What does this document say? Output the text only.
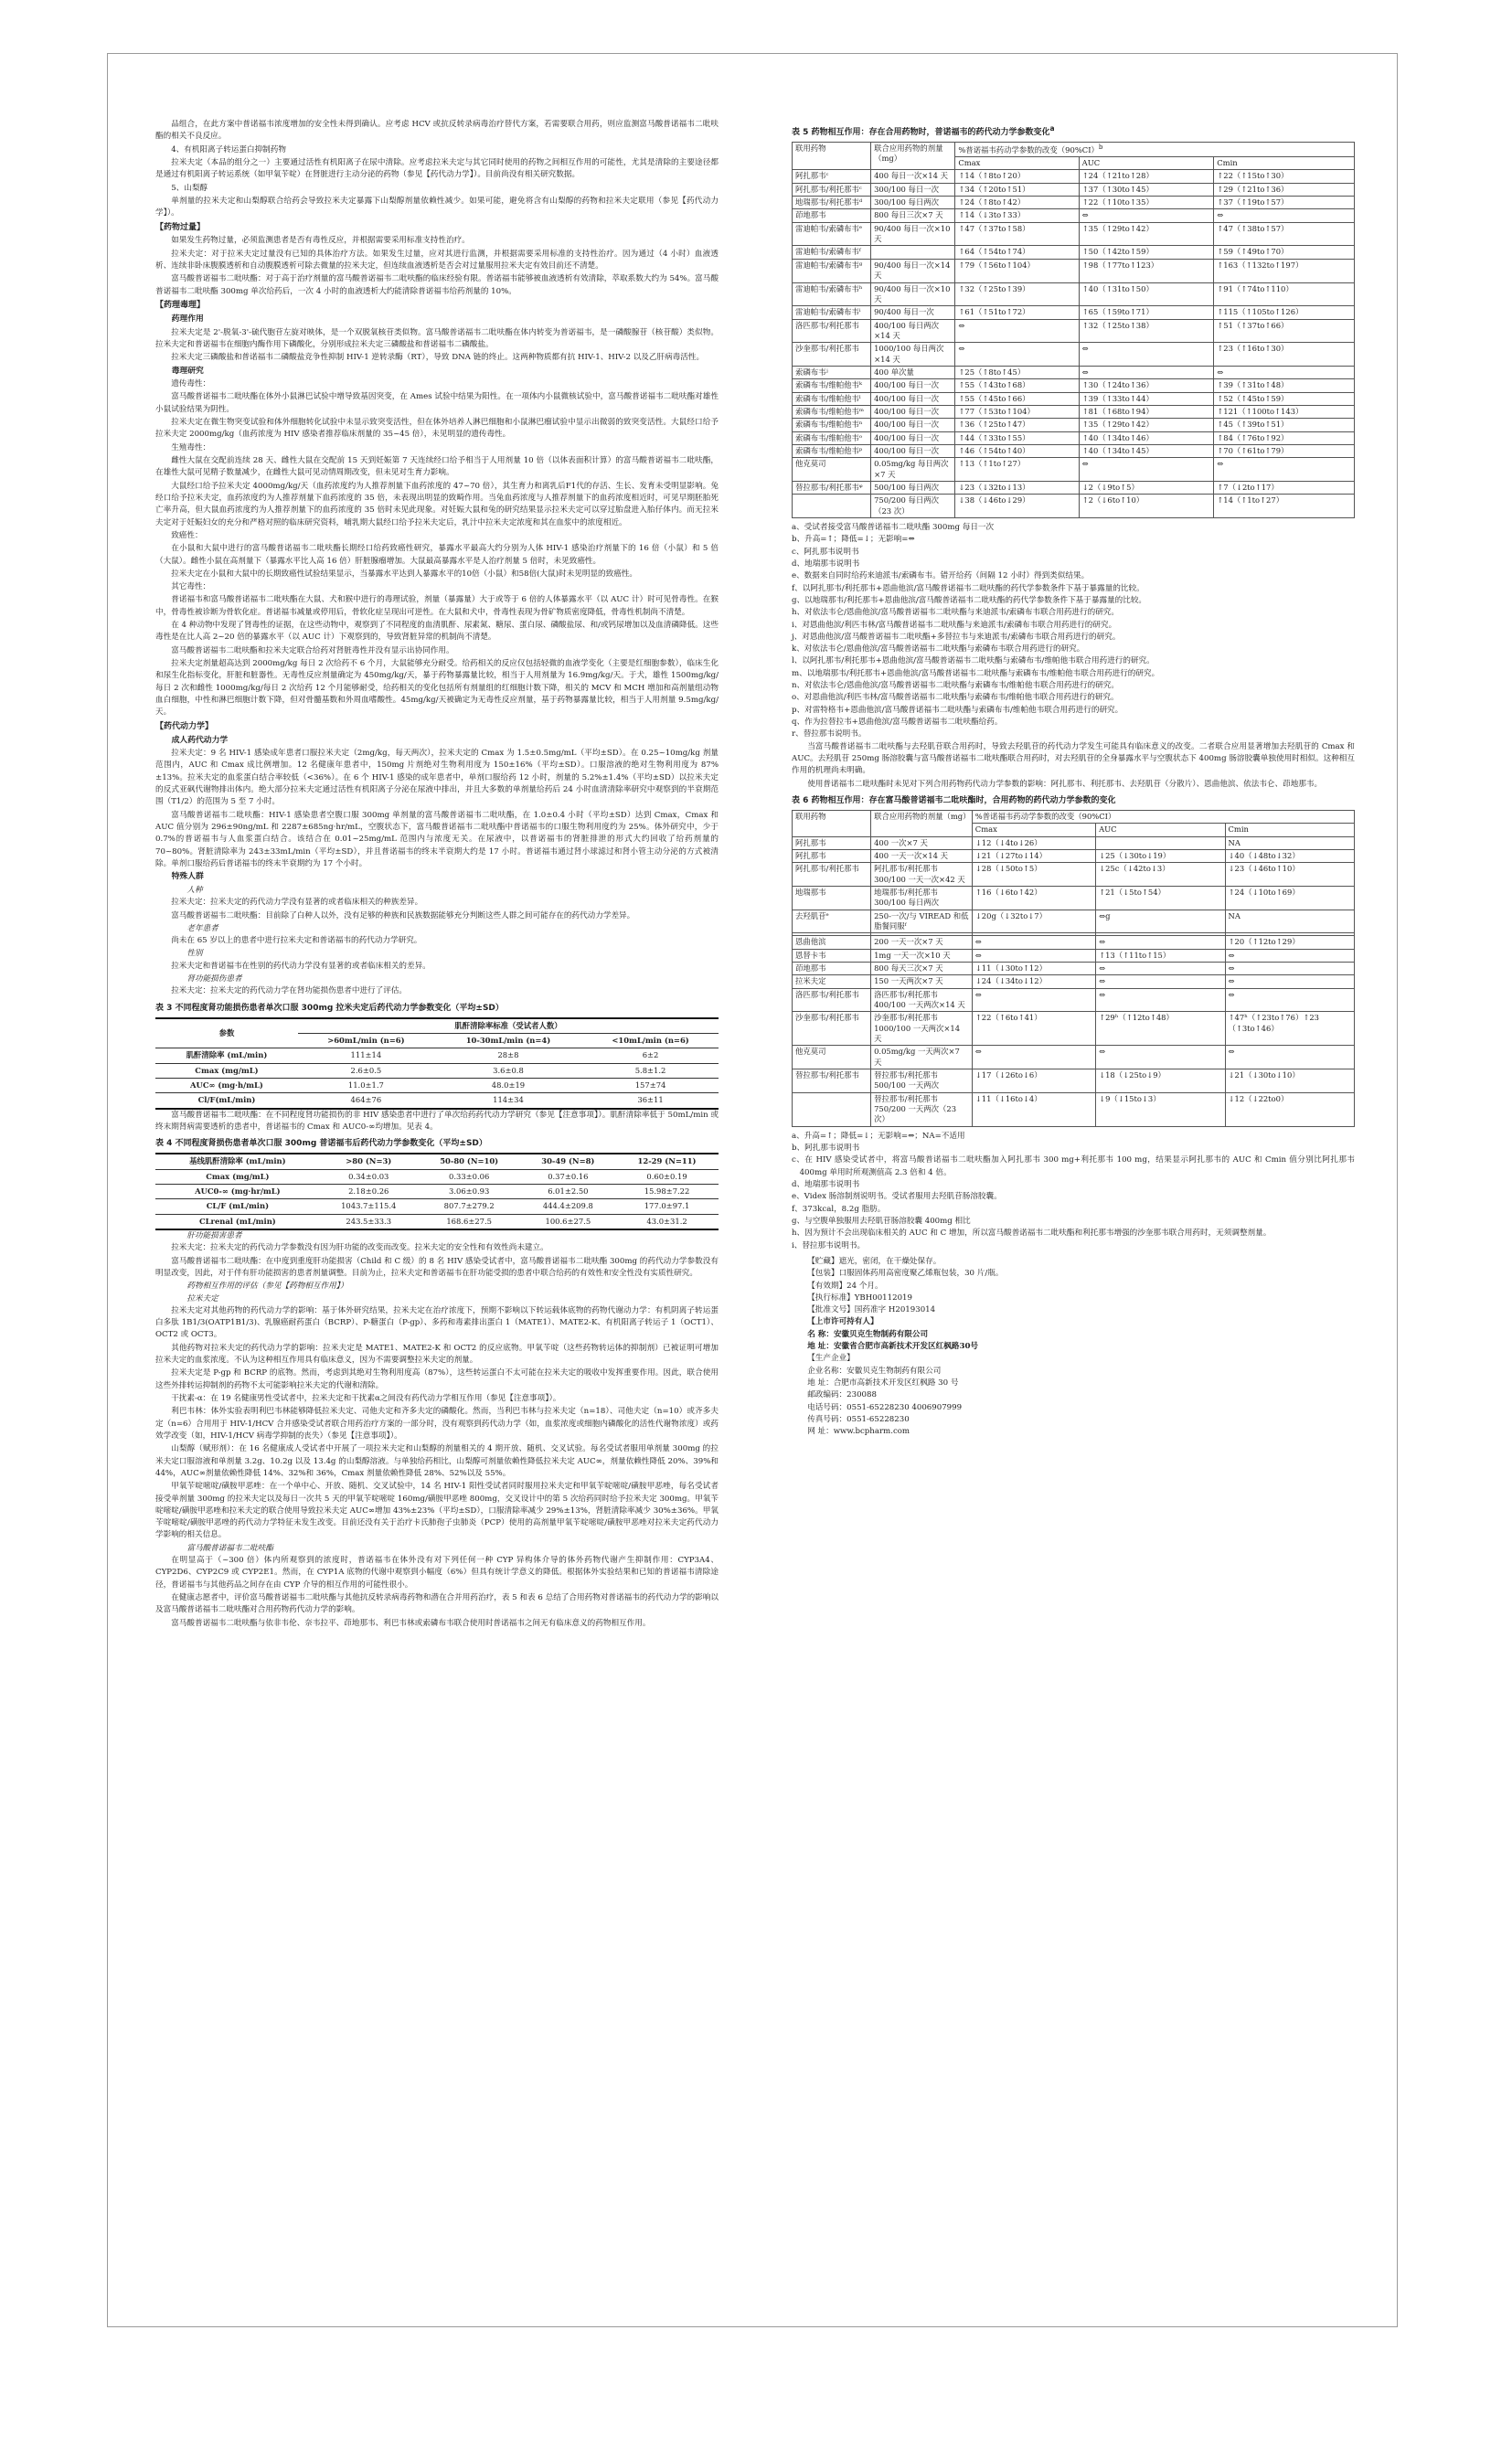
品组合，在此方案中普诺福韦浓度增加的安全性未得到确认。应考虑 HCV 或抗反转录病毒治疗替代方案，若需要联合用药，则应监测富马酸普诺福韦二吡呋酯的相关不良反应。

4、有机阳离子转运蛋白抑制药物

拉米夫定（本品的组分之一）主要通过活性有机阳离子在尿中清除。应考虑拉米夫定与其它同时使用的药物之间相互作用的可能性，尤其是清除的主要途径都是通过有机阳离子转运系统（如甲氧苄啶）在肾脏进行主动分泌的药物（参见【药代动力学】）。目前尚没有相关研究数据。

5、山梨醇

单剂量的拉米夫定和山梨醇联合给药会导致拉米夫定暴露下山梨醇剂量依赖性减少。如果可能，避免将含有山梨醇的药物和拉米夫定联用（参见【药代动力学】）。

【药物过量】

如果发生药物过量，必须监测患者是否有毒性反应，并根据需要采用标准支持性治疗。

拉米夫定：对于拉米夫定过量没有已知的具体治疗方法。如果发生过量，应对其进行监测，并根据需要采用标准的支持性治疗。因为通过（4 小时）血液透析、连续非卧床腹膜透析和自动腹膜透析可除去微量的拉米夫定，但连续血液透析是否会对过量服用拉米夫定有效目前还不清楚。

富马酸普诺福韦二吡呋酯：对于高于治疗剂量的富马酸普诺福韦二吡呋酯的临床经验有限。普诺福韦能够被血液透析有效清除，萃取系数大约为 54%。富马酸普诺福韦二吡呋酯 300mg 单次给药后，一次 4 小时的血液透析大约能清除普诺福韦给药剂量的 10%。

【药理毒理】
药理作用

拉米夫定是 2'-脱氧-3'-硫代胞苷左旋对映体，是一个双脱氧核苷类似物。富马酸普诺福韦二吡呋酯在体内转变为普诺福韦，是一磷酸腺苷（核苷酸）类似物。拉米夫定和普诺福韦在细胞内酶作用下磷酸化，分别形成拉米夫定三磷酸盐和普诺福韦二磷酸盐。

拉米夫定三磷酸盐和普诺福韦二磷酸盐竞争性抑制 HIV-1 逆转录酶（RT），导致 DNA 链的终止。这两种物质都有抗 HIV-1、HIV-2 以及乙肝病毒活性。

毒理研究

遗传毒性：

富马酸普诺福韦二吡呋酯在体外小鼠淋巴试验中增导致基因突变，在 Ames 试验中结果为阳性。在一项体内小鼠微核试验中，富马酸普诺福韦二吡呋酯对雄性小鼠试验结果为阴性。

拉米夫定在微生物突变试验和体外细胞转化试验中未显示致突变活性，但在体外培养人淋巴细胞和小鼠淋巴瘤试验中显示出微弱的致突变活性。大鼠经口给予拉米夫定 2000mg/kg（血药浓度为 HIV 感染者推荐临床剂量的 35~45 倍），未见明显的遗传毒性。

生殖毒性：

雌性大鼠在交配前连续 28 天、雌性大鼠在交配前 15 天到妊娠第 7 天连续经口给予相当于人用剂量 10 倍（以体表面积计算）的富马酸普诺福韦二吡呋酯，在雄性大鼠可见精子数量减少，在雌性大鼠可见动情周期改变，但未见对生育力影响。

大鼠经口给予拉米夫定 4000mg/kg/天（血药浓度约为人推荐剂量下血药浓度的 47~70 倍），其生育力和离乳后F1代的存活、生长、发育未受明显影响。兔经口给予拉米夫定，血药浓度约为人推荐剂量下血药浓度的 35 倍，未表现出明显的致畸作用。当兔血药浓度与人推荐剂量下的血药浓度相近时，可见早期胚胎死亡率升高，但大鼠血药浓度约为人推荐剂量下的血药浓度的 35 倍时未见此现象。对妊娠大鼠和兔的研究结果显示拉米夫定可以穿过胎盘进入胎仔体内。而无拉米夫定对于妊娠妇女的充分和严格对照的临床研究资料，哺乳期大鼠经口给予拉米夫定后，乳汁中拉米夫定浓度和其在血浆中的浓度相近。

致癌性：

在小鼠和大鼠中进行的富马酸普诺福韦二吡呋酯长期经口给药致癌性研究，暴露水平最高大约分别为人体 HIV-1 感染治疗剂量下的 16 倍（小鼠）和 5 倍（大鼠）。雌性小鼠在高剂量下（暴露水平比人高 16 倍）肝脏腺瘤增加。大鼠最高暴露水平是人治疗剂量 5 倍时，未见致癌性。

拉米夫定在小鼠和大鼠中的长期致癌性试验结果显示，当暴露水平达到人暴露水平的10倍（小鼠）和58倍(大鼠)时未见明显的致癌性。

其它毒性：

普诺福韦和富马酸普诺福韦二吡呋酯在大鼠、犬和猴中进行的毒理试验，剂量（暴露量）大于或等于 6 倍的人体暴露水平（以 AUC 计）时可见骨毒性。在猴中，骨毒性被诊断为骨软化症。普诺福韦减量或停用后，骨软化症呈现出可逆性。在大鼠和犬中，骨毒性表现为骨矿物质密度降低，骨毒性机制尚不清楚。

在 4 种动物中发现了肾毒性的证据，在这些动物中，观察到了不同程度的血清肌酐、尿素氮、糖尿、蛋白尿、磷酸盐尿、和/或钙尿增加以及血清磷降低。这些毒性是在比人高 2~20 倍的暴露水平（以 AUC 计）下观察到的，导致肾脏异常的机制尚不清楚。

富马酸普诺福韦二吡呋酯和拉米夫定联合给药对肾脏毒性并没有显示出协同作用。

拉米夫定剂量超高达到 2000mg/kg 每日 2 次给药不 6 个月，大鼠能够充分耐受。给药相关的反应仅包括轻微的血液学变化（主要是红细胞参数），临床生化和尿生化指标变化，肝脏和脏器性。无毒性反应剂量确定为 450mg/kg/天，暴于药物暴露量比较，相当于人用剂量为 16.9mg/kg/天。于犬，雄性 1500mg/kg/每日 2 次和雌性 1000mg/kg/每日 2 次给药 12 个月能够耐受，给药相关的变化包括所有剂量组的红细胞计数下降，相关的 MCV 和 MCH 增加和高剂量组动物血白细胞，中性和淋巴细胞计数下降，但对骨髓基数和外周血嗜酸性。45mg/kg/天被确定为无毒性反应剂量，基于药物暴露量比较，相当于人用剂量 9.5mg/kg/天。

【药代动力学】
成人药代动力学

拉米夫定：9 名 HIV-1 感染成年患者口服拉米夫定（2mg/kg，每天两次），拉米夫定的 Cmax 为 1.5±0.5mg/mL（平均±SD）。在 0.25~10mg/kg 剂量范围内，AUC 和 Cmax 成比例增加。12 名健康年患者中，150mg 片剂绝对生物利用度为 150±16%（平均±SD）。口服溶液的绝对生物利用度为 87%±13%。拉米夫定的血浆蛋白结合率较低（<36%）。在 6 个 HIV-1 感染的成年患者中，单剂口服给药 12 小时，剂量的 5.2%±1.4%（平均±SD）以拉米夫定的反式亚砜代谢物排出体内。绝大部分拉米夫定通过活性有机阳离子分泌在尿液中排出，并且大多数的单剂量给药后 24 小时血清清除率研究中观察到的半衰期范围（T1/2）的范围为 5 至 7 小时。

富马酸普诺福韦二吡呋酯：HIV-1 感染患者空腹口服 300mg 单剂量的富马酸普诺福韦二吡呋酯，在 1.0±0.4 小时（平均±SD）达到 Cmax，Cmax 和 AUC 值分别为 296±90ng/mL 和 2287±685ng·hr/mL，空腹状态下，富马酸普诺福韦二吡呋酯中普诺福韦的口服生物利用度约为 25%。体外研究中，少于 0.7%的普诺福韦与人血浆蛋白结合。该结合在 0.01~25mg/mL 范围内与浓度无关。在尿液中，以普诺福韦的肾脏排泄的形式大约回收了给药剂量的 70~80%。肾脏清除率为 243±33mL/min（平均±SD），并且普诺福韦的终末半衰期大约是 17 小时。普诺福韦通过肾小球滤过和肾小管主动分泌的方式被清除。单剂口服给药后普诺福韦的终末半衰期约为 17 个小时。

特殊人群

人种

拉米夫定：拉米夫定的药代动力学没有显著的或者临床相关的种族差异。

富马酸普诺福韦二吡呋酯：目前除了白种人以外，没有足够的种族和民族数据能够充分判断这些人群之间可能存在的药代动力学差异。

老年患者

尚未在 65 岁以上的患者中进行拉米夫定和普诺福韦的药代动力学研究。

性别

拉米夫定和普诺福韦在性别的药代动力学没有显著的或者临床相关的差异。

肾功能损伤患者

拉米夫定：拉米夫定的药代动力学在肾功能损伤患者中进行了评估。

表 3 不同程度肾功能损伤患者单次口服 300mg 拉米夫定后药代动力学参数变化（平均±SD）
参数	肌酐清除率标准（受试者人数）		
	>60mL/min (n=6)	10-30mL/min (n=4)	<10mL/min (n=6)
肌酐清除率 (mL/min)	111±14	28±8	6±2
Cmax (mg/mL)	2.6±0.5	3.6±0.8	5.8±1.2
AUC∞ (mg·h/mL)	11.0±1.7	48.0±19	157±74
Cl/F(mL/min)	464±76	114±34	36±11

富马酸普诺福韦二吡呋酯：在不同程度肾功能损伤的非 HIV 感染患者中进行了单次给药药代动力学研究（参见【注意事项】）。肌酐清除率低于 50mL/min 或终末期肾病需要透析的患者中，普诺福韦的 Cmax 和 AUC0-∞均增加。见表 4。

表 4 不同程度肾损伤患者单次口服 300mg 普诺福韦后药代动力学参数变化（平均±SD）
基线肌酐清除率 (mL/min)	>80 (N=3)	50-80 (N=10)	30-49 (N=8)	12-29 (N=11)
Cmax (mg/mL)	0.34±0.03	0.33±0.06	0.37±0.16	0.60±0.19
AUC0-∞ (mg·hr/mL)	2.18±0.26	3.06±0.93	6.01±2.50	15.98±7.22
CL/F (mL/min)	1043.7±115.4	807.7±279.2	444.4±209.8	177.0±97.1
CLrenal (mL/min)	243.5±33.3	168.6±27.5	100.6±27.5	43.0±31.2

肝功能损害患者

拉米夫定：拉米夫定的药代动力学参数没有因为肝功能的改变而改变。拉米夫定的安全性和有效性尚未建立。

富马酸普诺福韦二吡呋酯：在中度到重度肝功能损害（Child 和 C 级）的 8 名 HIV 感染受试者中，富马酸普诺福韦二吡呋酯 300mg 的药代动力学参数没有明显改变，因此，对于伴有肝功能损害的患者剂量调整。目前为止，拉米夫定和普诺福韦在肝功能受损的患者中联合给药的有效性和安全性没有实质性研究。

药物相互作用的评估（参见【药物相互作用】）

拉米夫定

拉米夫定对其他药物的药代动力学的影响：基于体外研究结果，拉米夫定在治疗浓度下，预期不影响以下转运载体底物的药物代谢动力学：有机阴离子转运蛋白多肽 1B1/3(OATP1B1/3)、乳腺癌耐药蛋白（BCRP）、P-糖蛋白（P-gp）、多药和毒素排出蛋白 1（MATE1）、MATE2-K、有机阳离子转运子 1（OCT1）、OCT2 或 OCT3。

其他药物对拉米夫定的药代动力学的影响：拉米夫定是 MATE1、MATE2-K 和 OCT2 的反应底物。甲氧苄啶（这些药物转运体的抑制剂）已被证明可增加拉米夫定的血浆浓度。不认为这种相互作用具有临床意义，因为不需要调整拉米夫定的剂量。

拉米夫定是 P-gp 和 BCRP 的底物。然而，考虑到其绝对生物利用度高（87%），这些转运蛋白不太可能在拉米夫定的吸收中发挥重要作用。因此，联合使用这些外排转运抑制剂的药物不太可能影响拉米夫定的代谢和清除。

干扰素-α：在 19 名健康男性受试者中，拉米夫定和干扰素α之间没有药代动力学相互作用（参见【注意事项】）。

利巴韦林：体外实验表明利巴韦林能够降低拉米夫定、司他夫定和齐多夫定的磷酸化。然而，当利巴韦林与拉米夫定（n=18）、司他夫定（n=10）或齐多夫定（n=6）合用用于 HIV-1/HCV 合并感染受试者联合用药治疗方案的一部分时，没有观察到药代动力学（如，血浆浓度或细胞内磷酸化的活性代谢物浓度）或药效学改变（如，HIV-1/HCV 病毒学抑制的丧失）（参见【注意事项】）。

山梨醇（赋形剂）：在 16 名健康成人受试者中开展了一项拉米夫定和山梨醇的剂量相关的 4 期开放、随机、交叉试验。每名受试者服用单剂量 300mg 的拉米夫定口服溶液和单剂量 3.2g、10.2g 以及 13.4g 的山梨醇溶液。与单独给药相比，山梨醇可剂量依赖性降低拉米夫定 AUC∞，剂量依赖性降低 20%、39%和 44%，AUC∞剂量依赖性降低 14%、32%和 36%，Cmax 剂量依赖性降低 28%、52%以及 55%。

甲氧苄啶嘧啶/磺胺甲恶唑：在一个单中心、开放、随机、交叉试验中，14 名 HIV-1 阳性受试者同时服用拉米夫定和甲氧苄啶嘧啶/磺胺甲恶唑，每名受试者接受单剂量 300mg 的拉米夫定以及每日一次共 5 天的甲氧苄啶嘧啶 160mg/磺胺甲恶唑 800mg，交叉设计中的第 5 次给药同时给予拉米夫定 300mg。甲氧苄啶嘧啶/磺胺甲恶唑和拉米夫定的联合使用导致拉米夫定 AUC∞增加 43%±23%（平均±SD），口服清除率减少 29%±13%，肾脏清除率减少 30%±36%。甲氧苄啶嘧啶/磺胺甲恶唑的药代动力学特征未发生改变。目前还没有关于治疗卡氏肺孢子虫肺炎（PCP）使用的高剂量甲氧苄啶嘧啶/磺胺甲恶唑对拉米夫定药代动力学影响的相关信息。

富马酸普诺福韦二吡呋酯

在明显高于（~300 倍）体内所观察到的浓度时，普诺福韦在体外没有对下列任何一种 CYP 异构体介导的体外药物代谢产生抑制作用：CYP3A4、CYP2D6、CYP2C9 或 CYP2E1。然而，在 CYP1A 底物的代谢中观察到小幅度（6%）但具有统计学意义的降低。根据体外实验结果和已知的普诺福韦清除途径，普诺福韦与其他药品之间存在由 CYP 介导的相互作用的可能性很小。

在健康志愿者中，评价富马酸普诺福韦二吡呋酯与其他抗反转录病毒药物和潜在合并用药治疗，表 5 和表 6 总结了合用药物对普诺福韦的药代动力学的影响以及富马酸普诺福韦二吡呋酯对合用药物药代动力学的影响。

富马酸普诺福韦二吡呋酯与依非韦伦、奈韦拉平、茚地那韦、利巴韦林或索磷布韦联合使用时普诺福韦之间无有临床意义的药物相互作用。

表 5 药物相互作用：存在合用药物时，普诺福韦的药代动力学参数变化$^a$
联用药物	联合应用药物的剂量（mg）	%普诺福韦药动学参数的改变$(90\%CI)^b$
		Cmax	AUC	Cmin
阿扎那韦ᶜ	400 每日一次×14 天	↑14（↑8to↑20）	↑24（↑21to↑28）	↑22（↑15to↑30）
阿扎那韦/利托那韦ᶜ	300/100 每日一次	↑34（↑20to↑51）	↑37（↑30to↑45）	↑29（↑21to↑36）
地瑞那韦/利托那韦ᵈ	300/100 每日两次	↑24（↑8to↑42）	↑22（↑10to↑35）	↑37（↑19to↑57）
茚地那韦	800 每日三次×7 天	↑14（↓3to↑33）	⇔	⇔
雷迪帕韦/索磷布韦ᵉ	90/400 每日一次×10 天	↑47（↑37to↑58）	↑35（↑29to↑42）	↑47（↑38to↑57）
雷迪帕韦/索磷布韦ᶠ		↑64（↑54to↑74）	↑50（↑42to↑59）	↑59（↑49to↑70）
雷迪帕韦/索磷布韦ᵍ	90/400 每日一次×14 天	↑79（↑56to↑104）	↑98（↑77to↑123）	↑163（↑132to↑197）
雷迪帕韦/索磷布韦ʰ	90/400 每日一次×10 天	↑32（↑25to↑39）	↑40（↑31to↑50）	↑91（↑74to↑110）
雷迪帕韦/索磷布韦ⁱ	90/400 每日一次	↑61（↑51to↑72）	↑65（↑59to↑71）	↑115（↑105to↑126）
洛匹那韦/利托那韦	400/100 每日两次×14 天	⇔	↑32（↑25to↑38）	↑51（↑37to↑66）
沙奎那韦/利托那韦	1000/100 每日两次×14 天	⇔	⇔	↑23（↑16to↑30）
索磷布韦ʲ	400 单次量	↑25（↑8to↑45）	⇔	⇔
索磷布韦/维帕他韦ᵏ	400/100 每日一次	↑55（↑43to↑68）	↑30（↑24to↑36）	↑39（↑31to↑48）
索磷布韦/维帕他韦ˡ	400/100 每日一次	↑55（↑45to↑66）	↑39（↑33to↑44）	↑52（↑45to↑59）
索磷布韦/维帕他韦ᵐ	400/100 每日一次	↑77（↑53to↑104）	↑81（↑68to↑94）	↑121（↑100to↑143）
索磷布韦/维帕他韦ⁿ	400/100 每日一次	↑36（↑25to↑47）	↑35（↑29to↑42）	↑45（↑39to↑51）
索磷布韦/维帕他韦ᵒ	400/100 每日一次	↑44（↑33to↑55）	↑40（↑34to↑46）	↑84（↑76to↑92）
索磷布韦/维帕他韦ᵖ	400/100 每日一次	↑46（↑54to↑40）	↑40（↑34to↑45）	↑70（↑61to↑79）
他克莫司	0.05mg/kg 每日两次×7 天	↑13（↑1to↑27）	⇔	⇔
替拉那韦/利托那韦ᵠ	500/100 每日两次	↓23（↓32to↓13）	↓2（↓9to↑5）	↑7（↓2to↑17）
	750/200 每日两次（23 次）	↓38（↓46to↓29）	↑2（↓6to↑10）	↑14（↑1to↑27）

a、受试者接受富马酸普诺福韦二吡呋酯 300mg 每日一次

b、升高=↑；降低=↓；无影响=⇔

c、阿扎那韦说明书

d、地瑞那韦说明书

e、数据来自同时给药来迪派韦/索磷布韦。错开给药（间隔 12 小时）得到类似结果。

f、以阿扎那韦/利托那韦+恩曲他滨/富马酸普诺福韦二吡呋酯的药代学参数条件下基于暴露量的比较。

g、以地瑞那韦/利托那韦+恩曲他滨/富马酸普诺福韦二吡呋酯的药代学参数条件下基于暴露量的比较。

h、对依法韦仑/恩曲他滨/富马酸普诺福韦二吡呋酯与来迪派韦/索磷布韦联合用药进行的研究。

i、对恩曲他滨/利匹韦林/富马酸普诺福韦二吡呋酯与来迪派韦/索磷布韦联合用药进行的研究。

j、对恩曲他滨/富马酸普诺福韦二吡呋酯+多替拉韦与来迪派韦/索磷布韦联合用药进行的研究。

k、对依法韦仑/恩曲他滨/富马酸普诺福韦二吡呋酯与索磷布韦联合用药进行的研究。

l、以阿扎那韦/利托那韦+恩曲他滨/富马酸普诺福韦二吡呋酯与索磷布韦/维帕他韦联合用药进行的研究。

m、以地瑞那韦/利托那韦+恩曲他滨/富马酸普诺福韦二吡呋酯与索磷布韦/维帕他韦联合用药进行的研究。

n、对依法韦仑/恩曲他滨/富马酸普诺福韦二吡呋酯与索磷布韦/维帕他韦联合用药进行的研究。

o、对恩曲他滨/利匹韦林/富马酸普诺福韦二吡呋酯与索磷布韦/维帕他韦联合用药进行的研究。

p、对雷特格韦+恩曲他滨/富马酸普诺福韦二吡呋酯与索磷布韦/维帕他韦联合用药进行的研究。

q、作为拉替拉韦+恩曲他滨/富马酸普诺福韦二吡呋酯给药。

r、替拉那韦说明书。

当富马酸普诺福韦二吡呋酯与去羟肌苷联合用药时，导致去羟肌苷的药代动力学发生可能具有临床意义的改变。二者联合应用显著增加去羟肌苷的 Cmax 和 AUC。去羟肌苷 250mg 肠溶胶囊与富马酸普诺福韦二吡呋酯联合用药时，对去羟肌苷的全身暴露水平与空腹状态下 400mg 肠溶胶囊单独使用时相似。这种相互作用的机理尚未明确。

使用普诺福韦二吡呋酯时未见对下列合用药物药代动力学参数的影响：阿扎那韦、利托那韦、去羟肌苷（分散片）、恩曲他滨、依法韦仑、茚地那韦。

表 6 药物相互作用：存在富马酸普诺福韦二吡呋酯时，合用药物的药代动力学参数的变化
联用药物	联合应用药物的剂量（mg）	%普诺福韦药动学参数的改变（90%CI）		
		Cmax	AUC	Cmin
阿扎那韦	400 一次×7 天	↓12（↓4to↓26）		NA
阿扎那韦	400 一天一次×14 天	↓21（↓27to↓14）	↓25（↓30to↓19）	↓40（↓48to↓32）
阿扎那韦/利托那韦	阿扎那韦/利托那韦 300/100 一天一次×42 天	↓28（↓50to↑5）	↓25c（↓42to↓3）	↓23（↓46to↑10）
地瑞那韦	地瑞那韦/利托那韦 300/100 每日两次	↑16（↓6to↑42）	↑21（↓5to↑54）	↑24（↓10to↑69）
去羟肌苷ᵉ	250-一次/与 VIREAD 和低脂餐同服ᶠ	↓20g（↓32to↓7）	⇔g	NA

恩曲他滨	200 一天一次×7 天	⇔	⇔	↑20（↑12to↑29）
恩替卡韦	1mg 一天一次×10 天	⇔	↑13（↑11to↑15）	⇔
茚地那韦	800 每天三次×7 天	↓11（↓30to↑12）	⇔	⇔
拉米夫定	150 一天两次×7 天	↓24（↓34to↓12）	⇔	⇔
洛匹那韦/利托那韦	洛匹那韦/利托那韦 400/100 一天两次×14 天	⇔	⇔	⇔
沙奎那韦/利托那韦	沙奎那韦/利托那韦 1000/100 一天两次×14 天	↑22（↑6to↑41）	↑29ʰ（↑12to↑48）	↑47ʰ（↑23to↑76）↑23（↑3to↑46）
他克莫司	0.05mg/kg 一天两次×7 天	⇔	⇔	⇔
替拉那韦/利托那韦	替拉那韦/利托那韦 500/100 一天两次	↓17（↓26to↓6）	↓18（↓25to↓9）	↓21（↓30to↓10）
	替拉那韦/利托那韦 750/200 一天两次（23 次）	↓11（↓16to↓4）	↓9（↓15to↓3）	↓12（↓22to0）

a、升高=↑；降低=↓；无影响=⇔；NA=不适用

b、阿扎那韦说明书

c、在 HIV 感染受试者中，将富马酸普诺福韦二吡呋酯加入阿扎那韦 300 mg+利托那韦 100 mg，结果显示阿扎那韦的 AUC 和 Cmin 值分别比阿扎那韦 400mg 单用时所观测值高 2.3 倍和 4 倍。

d、地瑞那韦说明书

e、Videx 肠溶制剂说明书。受试者服用去羟肌苷肠溶胶囊。

f、373kcal，8.2g 脂肪。

g、与空腹单独服用去羟肌苷肠溶胶囊 400mg 相比

h、因为预计不会出现临床相关的 AUC 和 C 增加，所以富马酸普诺福韦二吡呋酯和利托那韦增强的沙奎那韦联合用药时，无须调整剂量。

i、替拉那韦说明书。

【贮藏】遮光，密闭，在干燥处保存。

【包装】口服固体药用高密度聚乙烯瓶包装，30 片/瓶。

【有效期】24 个月。

【执行标准】YBH00112019

【批准文号】国药准字 H20193014

【上市许可持有人】

名 称：安徽贝克生物制药有限公司

地 址：安徽省合肥市高新技术开发区红枫路30号

【生产企业】

企业名称：安徽贝克生物制药有限公司

地 址：合肥市高新技术开发区红枫路 30 号

邮政编码：230088

电话号码：0551-65228230 4006907999

传真号码：0551-65228230

网 址：www.bcpharm.com
